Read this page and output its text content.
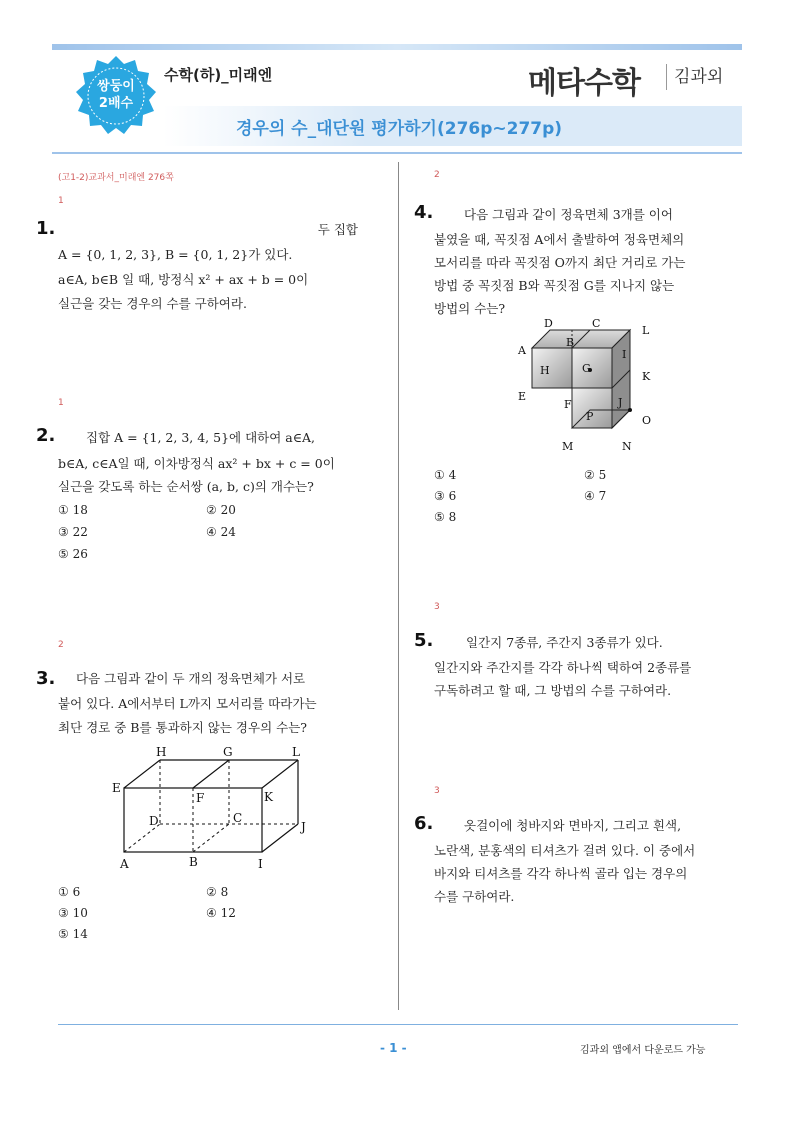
쌍둥이
2배수
수학(하)_미래엔	메타수학 김과외
경우의 수_대단원 평가하기(276p~277p)
(고1-2)교과서_미래엔 276쪽
1
1.	두 집합
A = {0, 1, 2, 3}, B = {0, 1, 2}가 있다.
a∈A, b∈B 일 때, 방정식 x² + ax + b = 0이
실근을 갖는 경우의 수를 구하여라.
1
2. 집합 A = {1, 2, 3, 4, 5}에 대하여 a∈A,
b∈A, c∈A일 때, 이차방정식 ax² + bx + c = 0이
실근을 갖도록 하는 순서쌍 (a, b, c)의 개수는?
① 18	② 20
③ 22	④ 24
⑤ 26
2
3. 다음 그림과 같이 두 개의 정육면체가 서로
붙어 있다. A에서부터 L까지 모서리를 따라가는
최단 경로 중 B를 통과하지 않는 경우의 수는?
H	G	L
E
F	K
D	C
J
A	B	I
① 6	② 8
③ 10	④ 12
⑤ 14
2
4. 다음 그림과 같이 정육면체 3개를 이어
붙였을 때, 꼭짓점 A에서 출발하여 정육면체의
모서리를 따라 꼭짓점 O까지 최단 거리로 가는
방법 중 꼭짓점 B와 꼭짓점 G를 지나지 않는
방법의 수는?
D	C
L
A
B
I
H	G
K
E
F	J
P	O
M	N
① 4	② 5
③ 6	④ 7
⑤ 8
3
5.	일간지 7종류, 주간지 3종류가 있다.
일간지와 주간지를 각각 하나씩 택하여 2종류를
구독하려고 할 때, 그 방법의 수를 구하여라.
3
6. 옷걸이에 청바지와 면바지, 그리고 흰색,
노란색, 분홍색의 티셔츠가 걸려 있다. 이 중에서
바지와 티셔츠를 각각 하나씩 골라 입는 경우의
수를 구하여라.
- 1 -	김과외 앱에서 다운로드 가능
